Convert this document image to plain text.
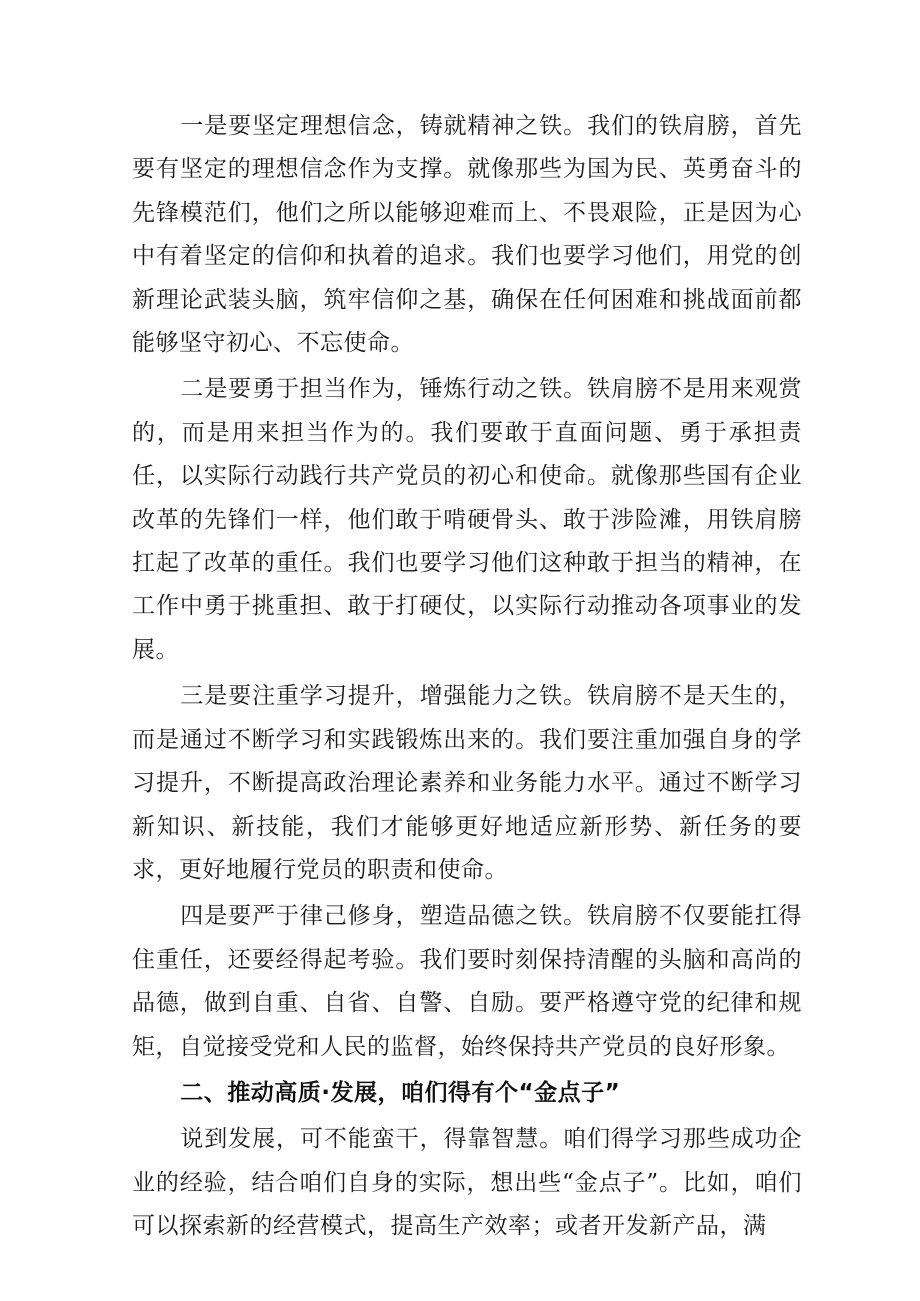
一是要坚定理想信念，铸就精神之铁。我们的铁肩膀，首先要有坚定的理想信念作为支撑。就像那些为国为民、英勇奋斗的先锋模范们，他们之所以能够迎难而上、不畏艰险，正是因为心中有着坚定的信仰和执着的追求。我们也要学习他们，用党的创新理论武装头脑，筑牢信仰之基，确保在任何困难和挑战面前都能够坚守初心、不忘使命。

二是要勇于担当作为，锤炼行动之铁。铁肩膀不是用来观赏的，而是用来担当作为的。我们要敢于直面问题、勇于承担责任，以实际行动践行共产党员的初心和使命。就像那些国有企业改革的先锋们一样，他们敢于啃硬骨头、敢于涉险滩，用铁肩膀扛起了改革的重任。我们也要学习他们这种敢于担当的精神，在工作中勇于挑重担、敢于打硬仗，以实际行动推动各项事业的发展。

三是要注重学习提升，增强能力之铁。铁肩膀不是天生的，而是通过不断学习和实践锻炼出来的。我们要注重加强自身的学习提升，不断提高政治理论素养和业务能力水平。通过不断学习新知识、新技能，我们才能够更好地适应新形势、新任务的要求，更好地履行党员的职责和使命。

四是要严于律己修身，塑造品德之铁。铁肩膀不仅要能扛得住重任，还要经得起考验。我们要时刻保持清醒的头脑和高尚的品德，做到自重、自省、自警、自励。要严格遵守党的纪律和规矩，自觉接受党和人民的监督，始终保持共产党员的良好形象。

二、推动高质·发展，咱们得有个“金点子”

说到发展，可不能蛮干，得靠智慧。咱们得学习那些成功企业的经验，结合咱们自身的实际，想出些“金点子”。比如，咱们可以探索新的经营模式，提高生产效率；或者开发新产品，满
